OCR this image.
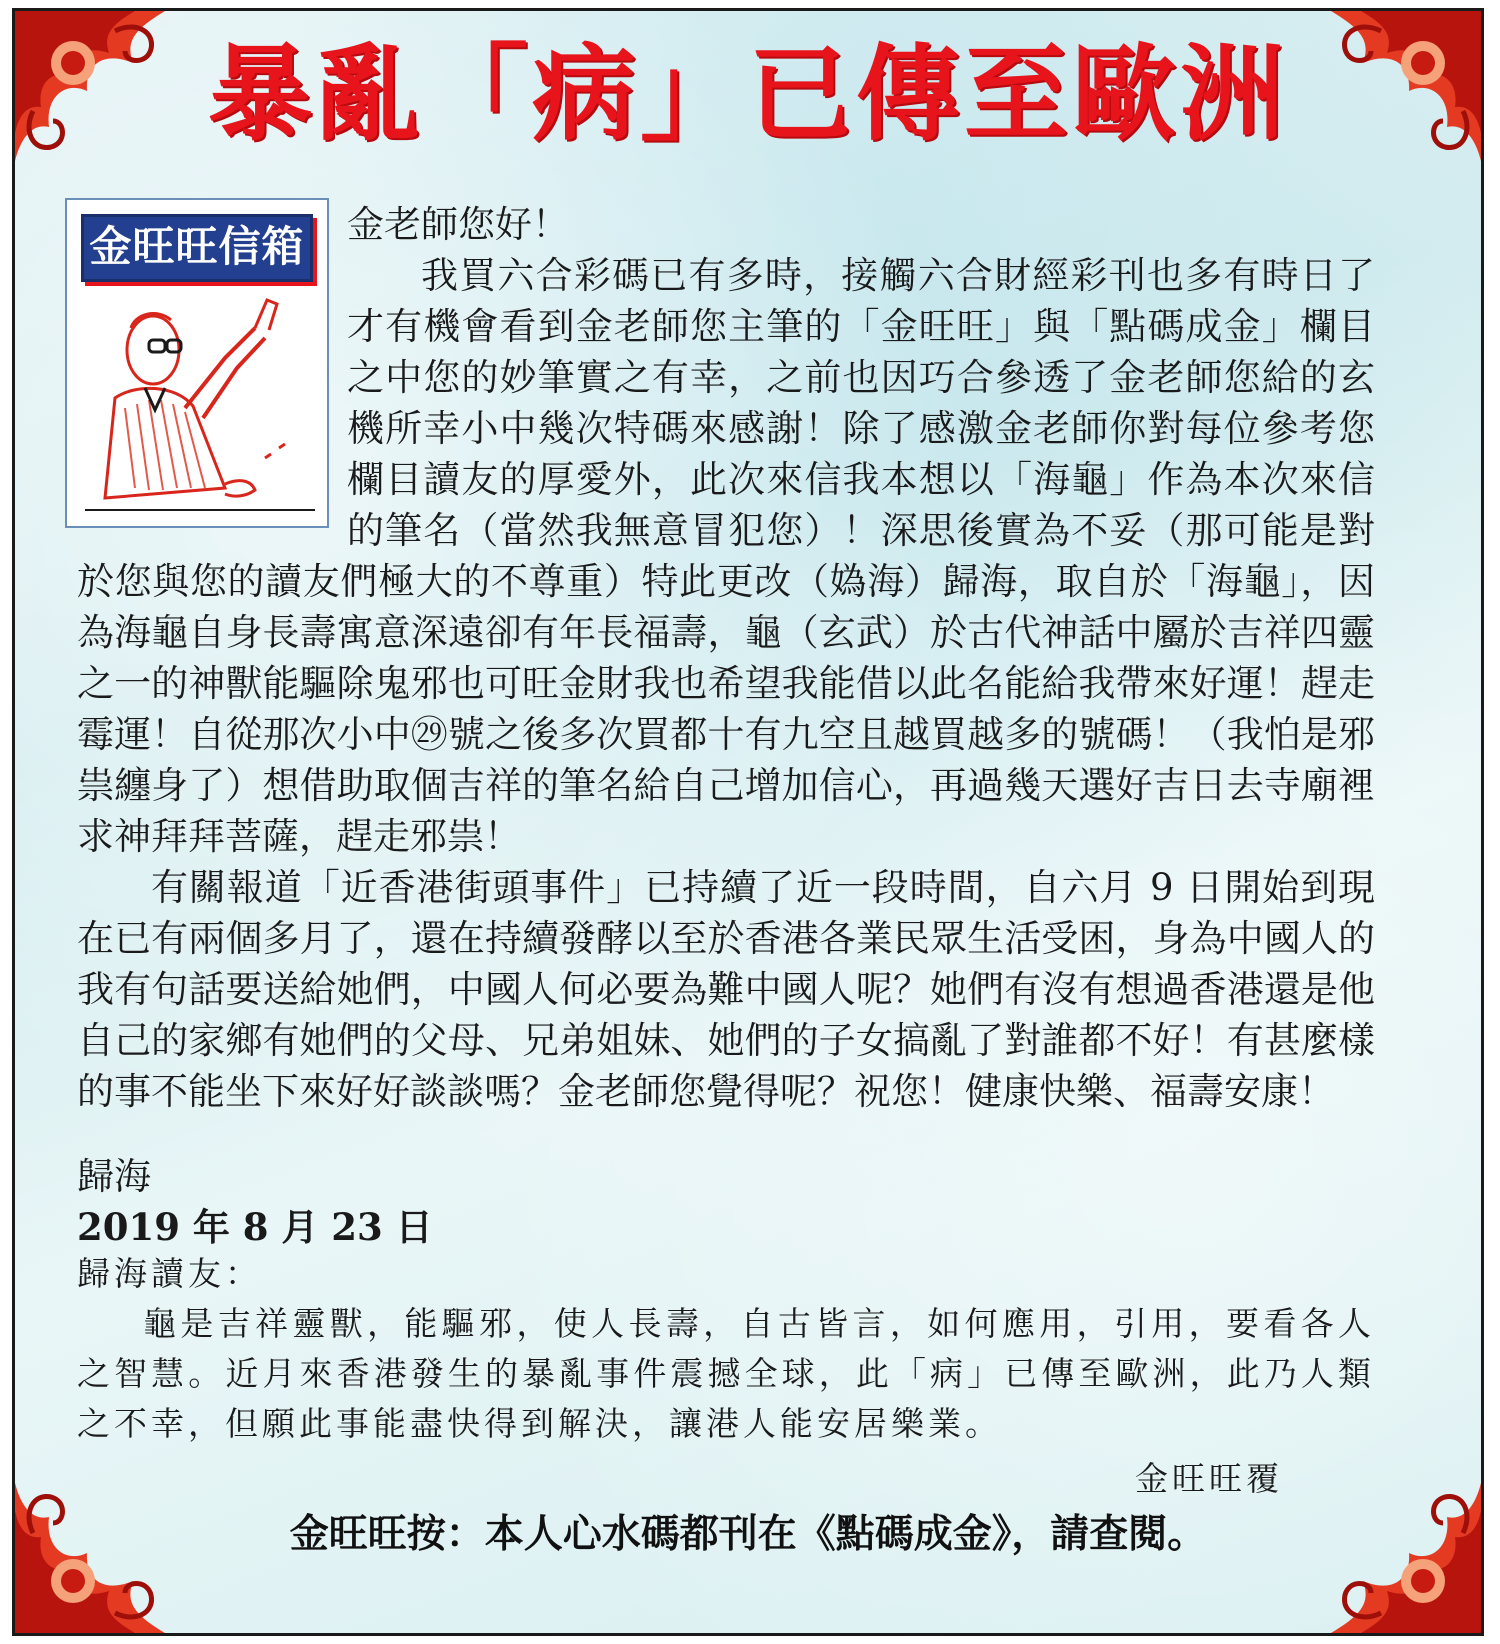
暴亂「病」已傳至歐洲
金旺旺信箱	金老師您好！

我買六合彩碼已有多時，接觸六合財經彩刊也多有時日了才有機會看到金老師您主筆的「金旺旺」與「點碼成金」欄目之中您的妙筆實之有幸，之前也因巧合參透了金老師您給的玄機所幸小中幾次特碼來感謝！除了感激金老師你對每位參考您欄目讀友的厚愛外，此次來信我本想以「海龜」作為本次來信的筆名（當然我無意冒犯您）！深思後實為不妥（那可能是對於您與您的讀友們極大的不尊重）特此更改（媯海）歸海，取自於「海龜」，因為海龜自身長壽寓意深遠卻有年長福壽，龜（玄武）於古代神話中屬於吉祥四靈之一的神獸能驅除鬼邪也可旺金財我也希望我能借以此名能給我帶來好運！趕走霉運！自從那次小中㉙號之後多次買都十有九空且越買越多的號碼！（我怕是邪祟纏身了）想借助取個吉祥的筆名給自己增加信心，再過幾天選好吉日去寺廟裡求神拜拜菩薩，趕走邪祟！

有關報道「近香港街頭事件」已持續了近一段時間，自六月 9 日開始到現在已有兩個多月了，還在持續發酵以至於香港各業民眾生活受困，身為中國人的我有句話要送給她們，中國人何必要為難中國人呢？她們有沒有想過香港還是他自己的家鄉有她們的父母、兄弟姐妹、她們的子女搞亂了對誰都不好！有甚麼樣的事不能坐下來好好談談嗎？金老師您覺得呢？祝您！健康快樂、福壽安康！

歸海

2019 年 8 月 23 日

歸海讀友：

龜是吉祥靈獸，能驅邪，使人長壽，自古皆言，如何應用，引用，要看各人之智慧。近月來香港發生的暴亂事件震撼全球，此「病」已傳至歐洲，此乃人類之不幸，但願此事能盡快得到解決，讓港人能安居樂業。

金旺旺覆
金旺旺按：本人心水碼都刊在《點碼成金》，請查閱。
